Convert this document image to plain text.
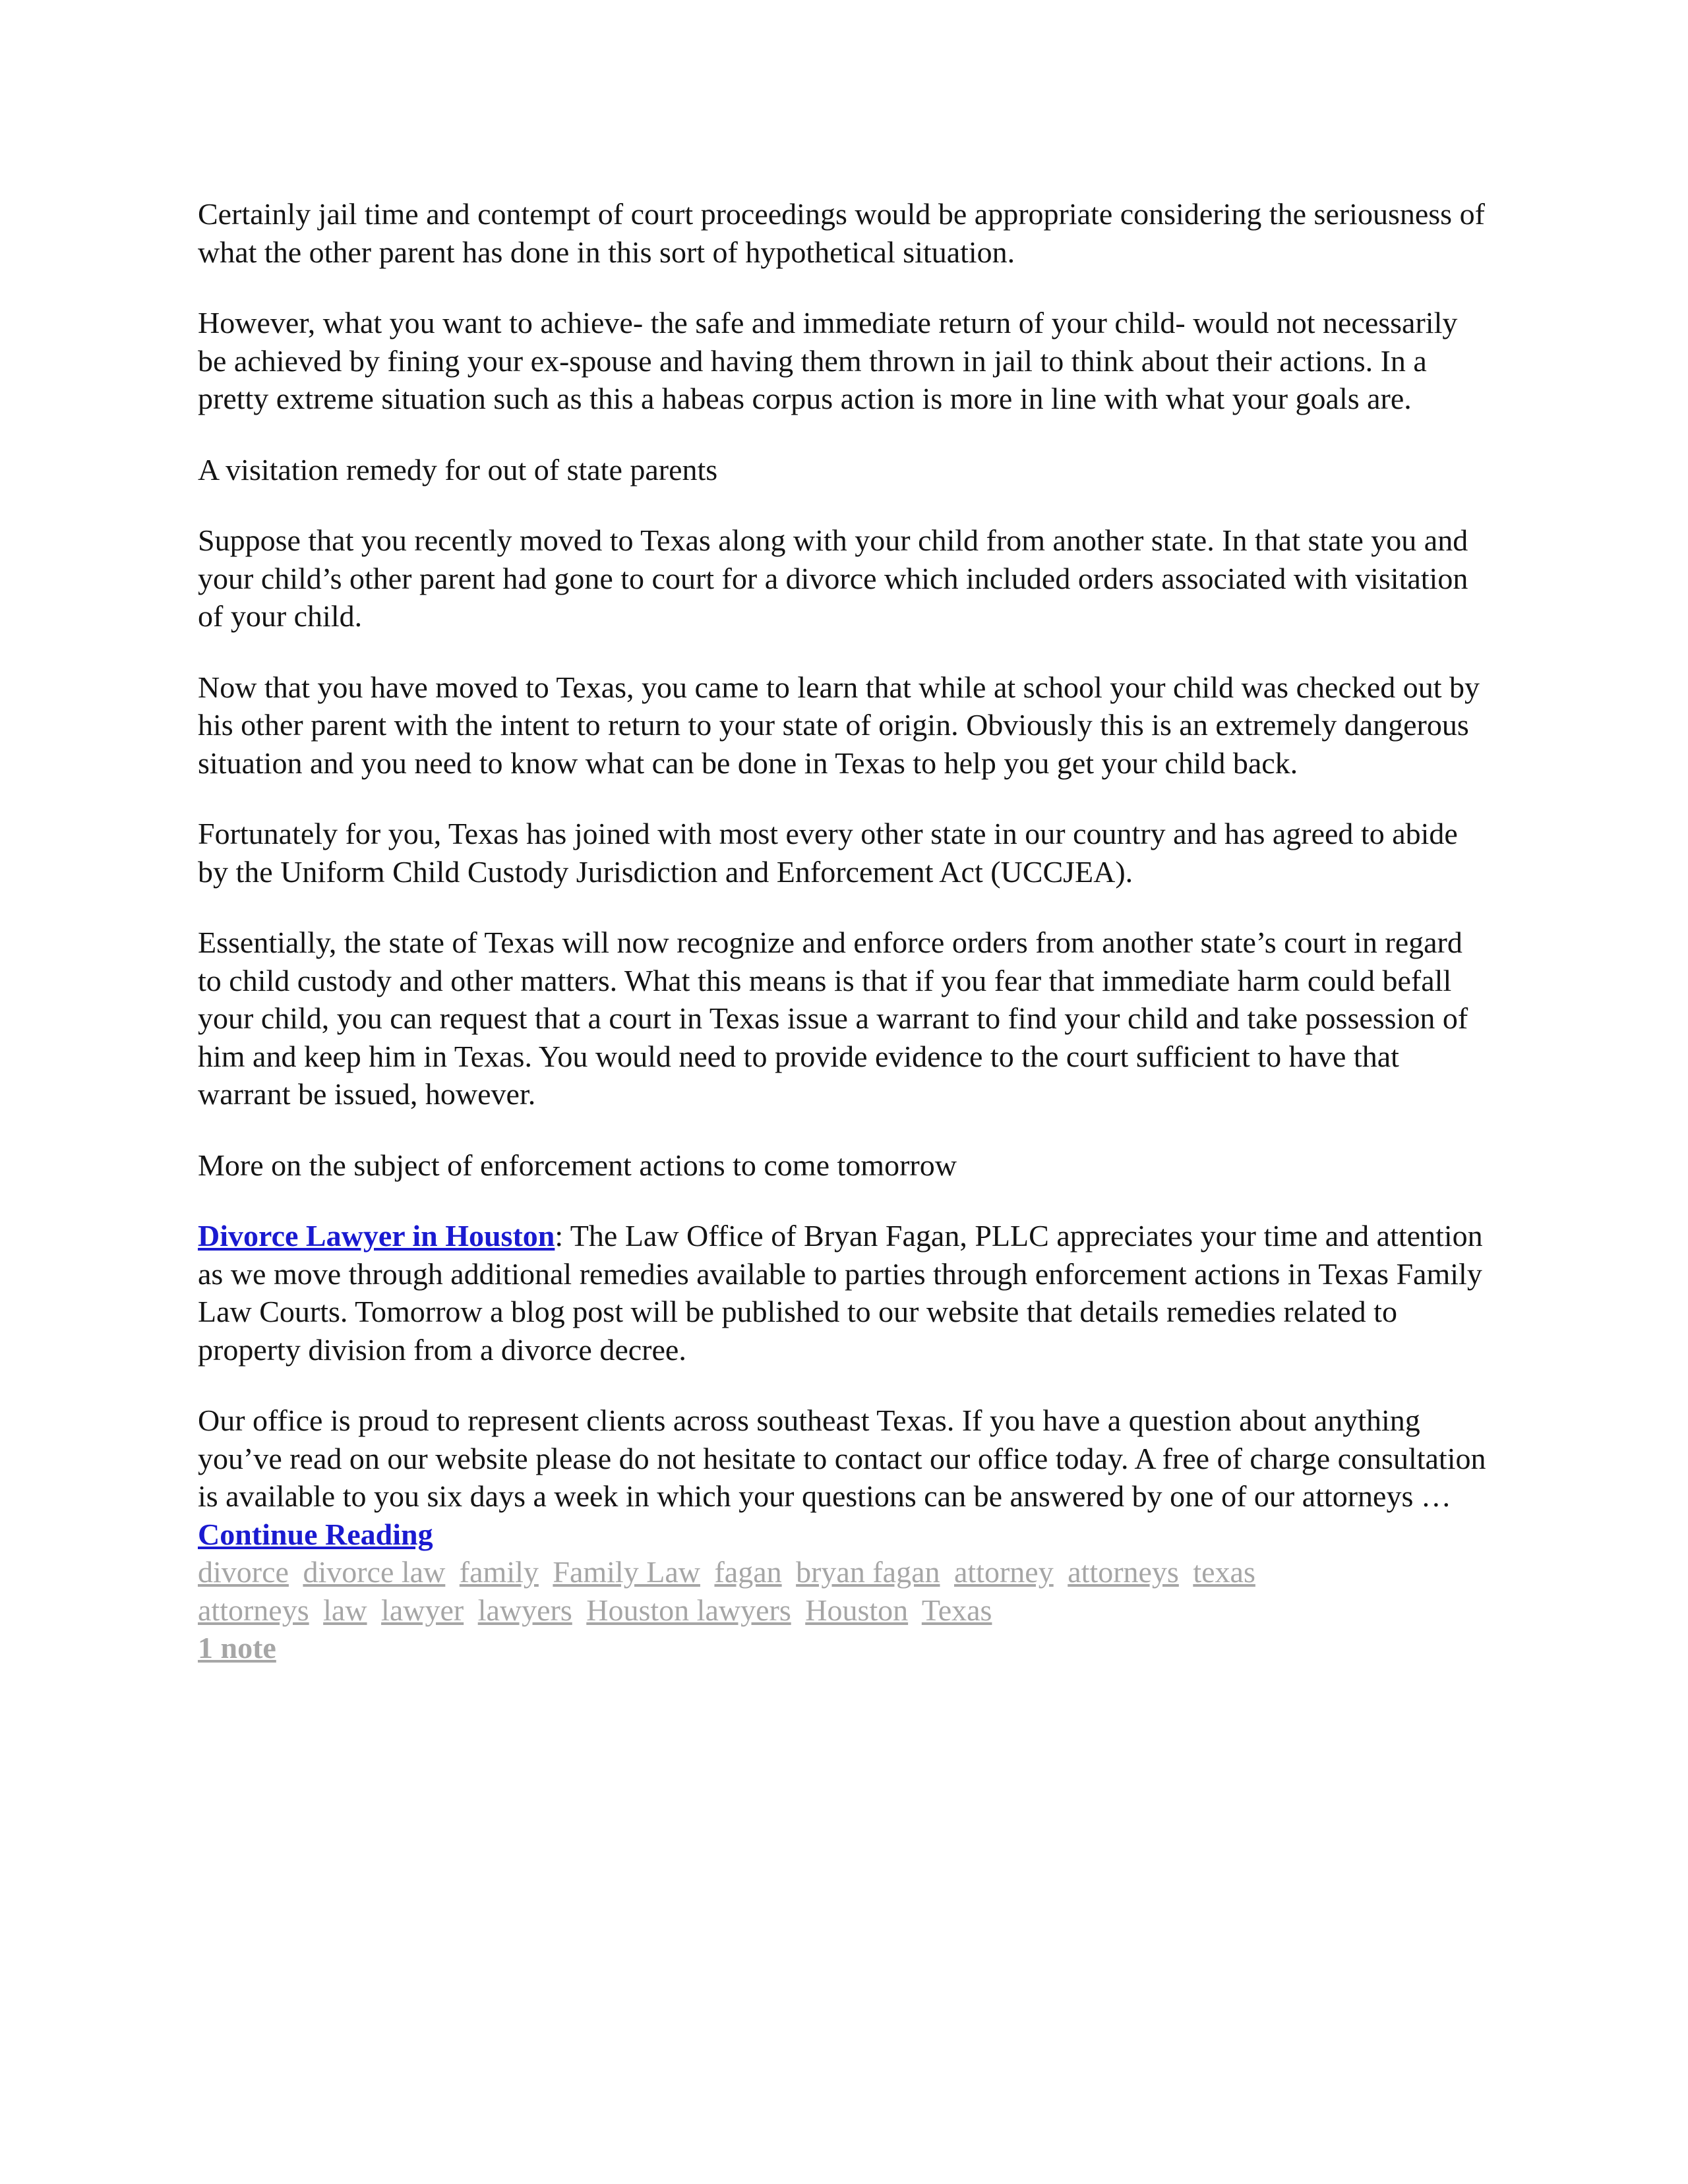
Certainly jail time and contempt of court proceedings would be appropriate considering the seriousness of what the other parent has done in this sort of hypothetical situation.

However, what you want to achieve- the safe and immediate return of your child- would not necessarily be achieved by fining your ex-spouse and having them thrown in jail to think about their actions. In a pretty extreme situation such as this a habeas corpus action is more in line with what your goals are.

A visitation remedy for out of state parents

Suppose that you recently moved to Texas along with your child from another state. In that state you and your child’s other parent had gone to court for a divorce which included orders associated with visitation of your child.

Now that you have moved to Texas, you came to learn that while at school your child was checked out by his other parent with the intent to return to your state of origin. Obviously this is an extremely dangerous situation and you need to know what can be done in Texas to help you get your child back.

Fortunately for you, Texas has joined with most every other state in our country and has agreed to abide by the Uniform Child Custody Jurisdiction and Enforcement Act (UCCJEA).

Essentially, the state of Texas will now recognize and enforce orders from another state’s court in regard to child custody and other matters. What this means is that if you fear that immediate harm could befall your child, you can request that a court in Texas issue a warrant to find your child and take possession of him and keep him in Texas. You would need to provide evidence to the court sufficient to have that warrant be issued, however.

More on the subject of enforcement actions to come tomorrow

Divorce Lawyer in Houston: The Law Office of Bryan Fagan, PLLC appreciates your time and attention as we move through additional remedies available to parties through enforcement actions in Texas Family Law Courts. Tomorrow a blog post will be published to our website that details remedies related to property division from a divorce decree.

Our office is proud to represent clients across southeast Texas. If you have a question about anything you’ve read on our website please do not hesitate to contact our office today. A free of charge consultation is available to you six days a week in which your questions can be answered by one of our attorneys … Continue Reading

divorce divorce law family Family Law fagan bryan fagan attorney attorneys texas
attorneys law lawyer lawyers Houston lawyers Houston Texas
1 note
